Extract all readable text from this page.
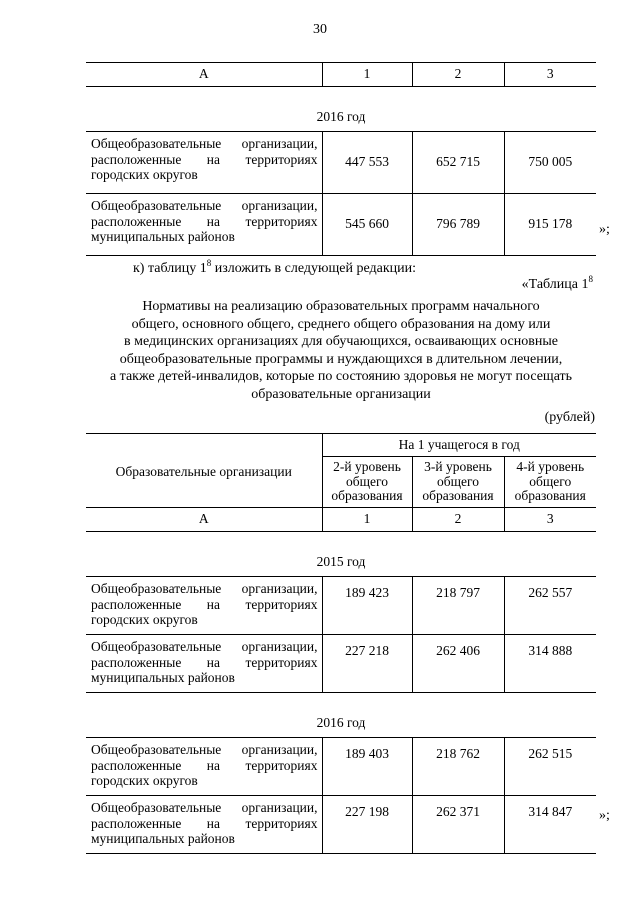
30
А	1	2	3
2016 год			
Общеобразовательные организации, расположенные на территориях городских округов	447 553	652 715	750 005
Общеобразовательные организации, расположенные на территориях муниципальных районов	545 660	796 789	915 178 »;
к) таблицу $1^8$ изложить в следующей редакции:
«Таблица $1^8$
Нормативы на реализацию образовательных программ начального
общего, основного общего, среднего общего образования на дому или
в медицинских организациях для обучающихся, осваивающих основные
общеобразовательные программы и нуждающихся в длительном лечении,
а также детей-инвалидов, которые по состоянию здоровья не могут посещать
образовательные организации
(рублей)
Образовательные организации	На 1 учащегося в год		
	2-й уровень общего образования	3-й уровень общего образования	4-й уровень общего образования
А	1	2	3
2015 год			
Общеобразовательные организации, расположенные на территориях городских округов	189 423	218 797	262 557
Общеобразовательные организации, расположенные на территориях муниципальных районов	227 218	262 406	314 888
2016 год			
Общеобразовательные организации, расположенные на территориях городских округов	189 403	218 762	262 515
Общеобразовательные организации, расположенные на территориях муниципальных районов	227 198	262 371	314 847 »;
